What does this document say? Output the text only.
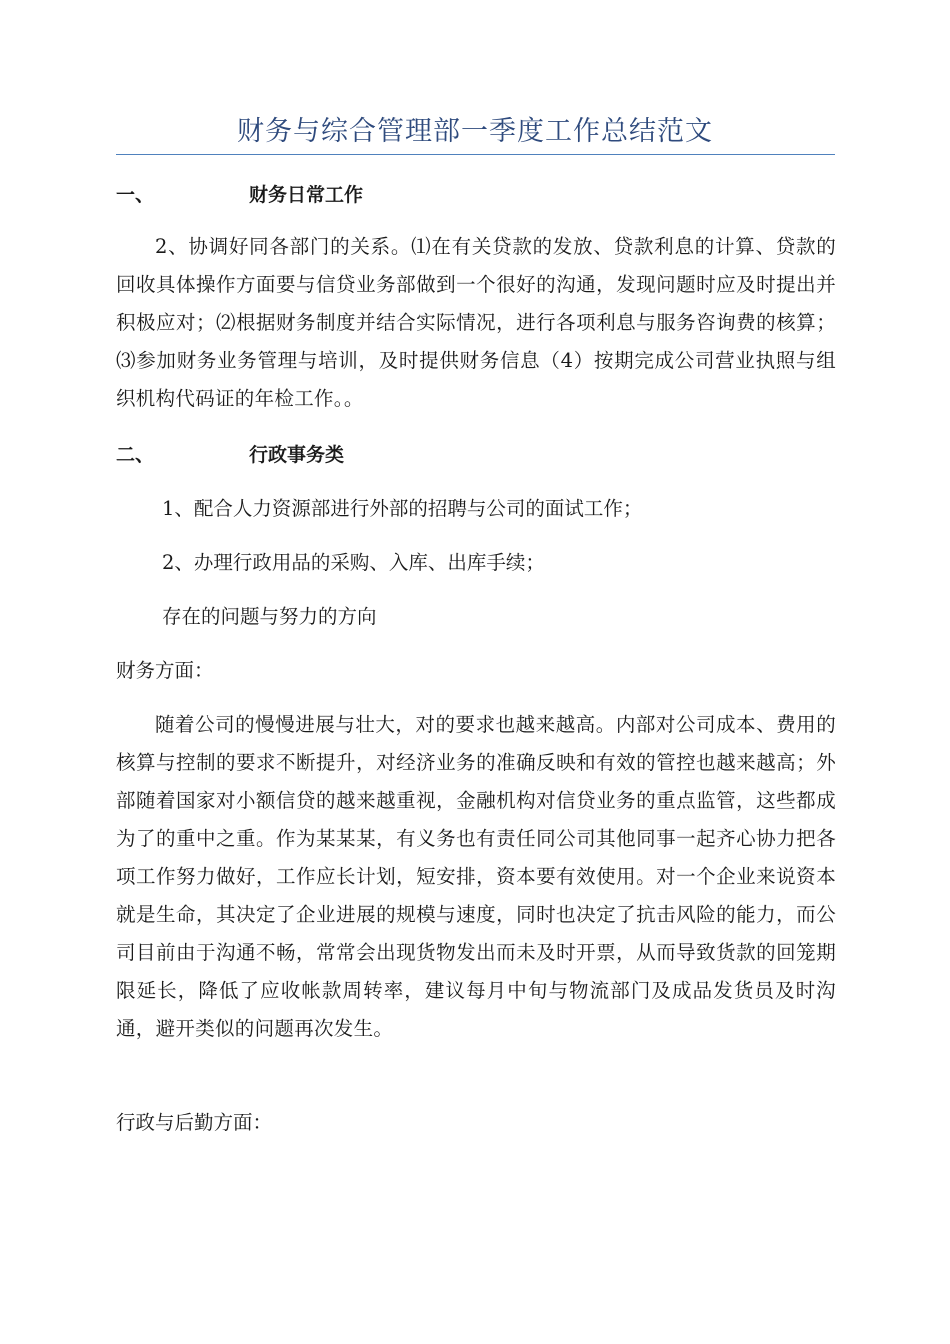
财务与综合管理部一季度工作总结范文
一、	财务日常工作

2、协调好同各部门的关系。⑴在有关贷款的发放、贷款利息的计算、贷款的回收具体操作方面要与信贷业务部做到一个很好的沟通，发现问题时应及时提出并积极应对；⑵根据财务制度并结合实际情况，进行各项利息与服务咨询费的核算；⑶参加财务业务管理与培训，及时提供财务信息（4）按期完成公司营业执照与组织机构代码证的年检工作。。

二、	行政事务类

1、配合人力资源部进行外部的招聘与公司的面试工作；

2、办理行政用品的采购、入库、出库手续；

存在的问题与努力的方向

财务方面：

随着公司的慢慢进展与壮大，对的要求也越来越高。内部对公司成本、费用的核算与控制的要求不断提升，对经济业务的准确反映和有效的管控也越来越高；外部随着国家对小额信贷的越来越重视，金融机构对信贷业务的重点监管，这些都成为了的重中之重。作为某某某，有义务也有责任同公司其他同事一起齐心协力把各项工作努力做好，工作应长计划，短安排，资本要有效使用。对一个企业来说资本就是生命，其决定了企业进展的规模与速度，同时也决定了抗击风险的能力，而公司目前由于沟通不畅，常常会出现货物发出而未及时开票，从而导致货款的回笼期限延长，降低了应收帐款周转率，建议每月中旬与物流部门及成品发货员及时沟通，避开类似的问题再次发生。

行政与后勤方面：
